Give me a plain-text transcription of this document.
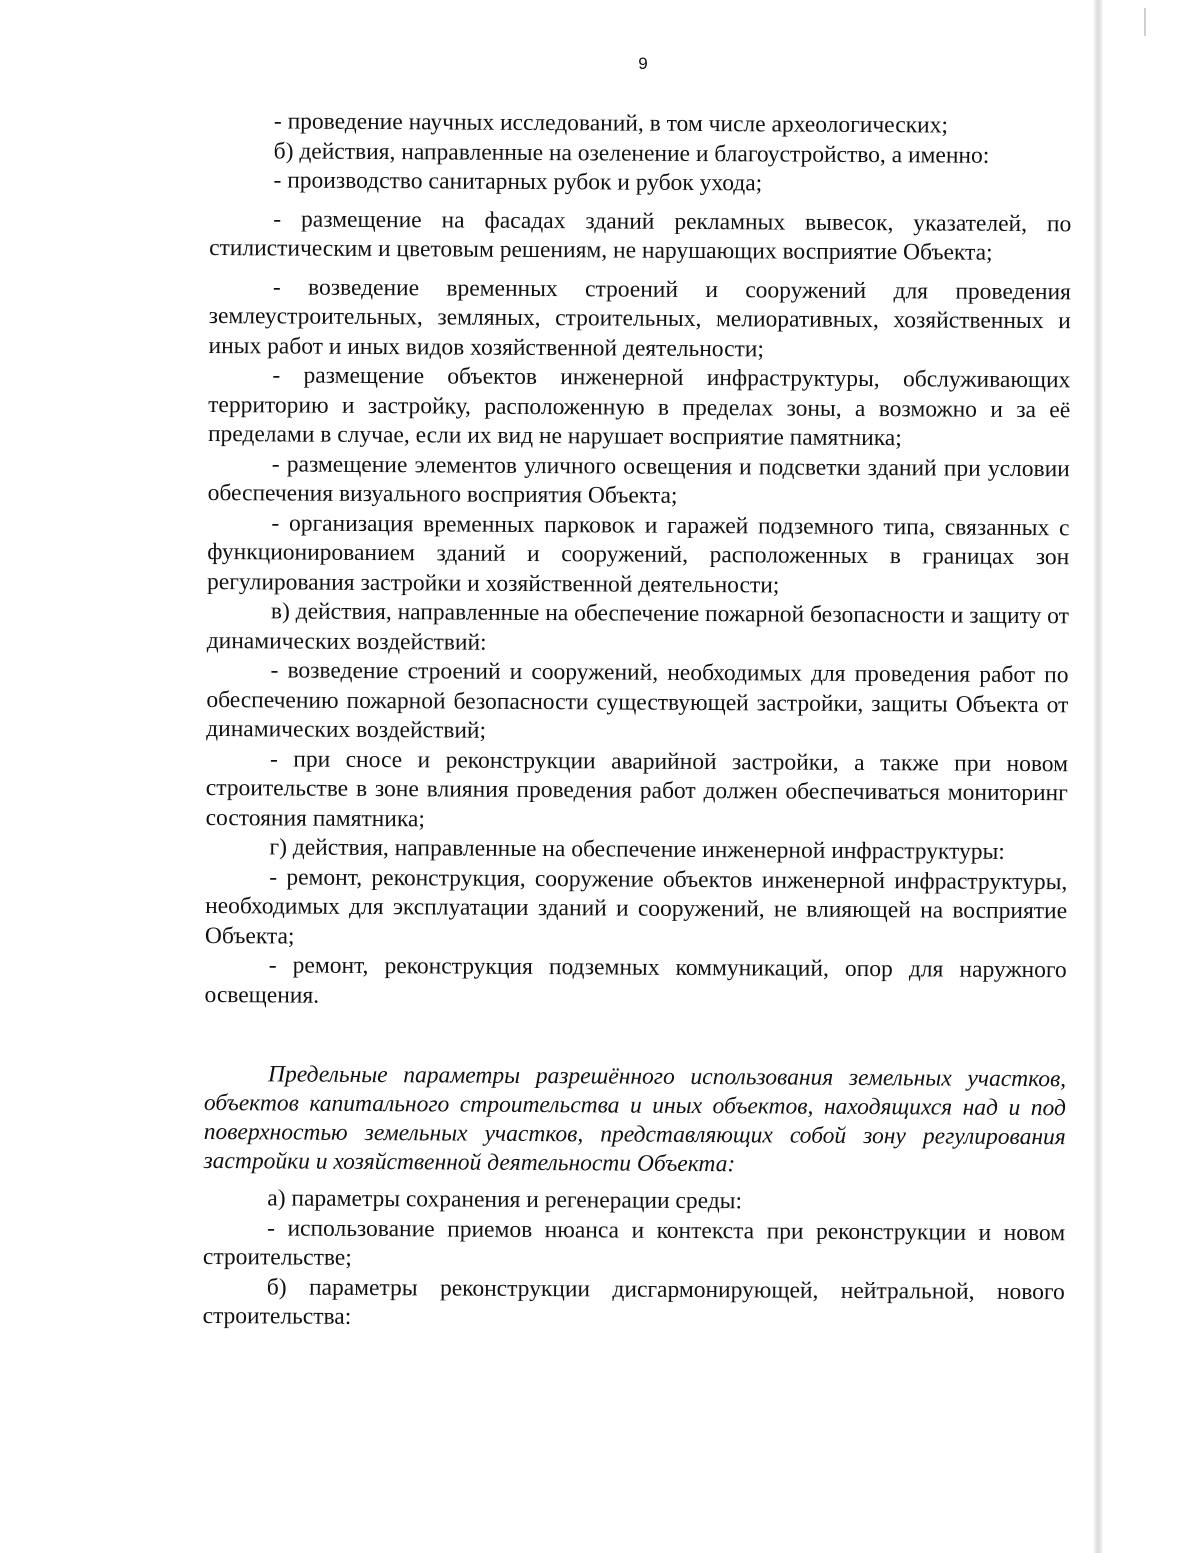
9

- проведение научных исследований, в том числе археологических;

б) действия, направленные на озеленение и благоустройство, а именно:

- производство санитарных рубок и рубок ухода;

- размещение на фасадах зданий рекламных вывесок, указателей, по стилистическим и цветовым решениям, не нарушающих восприятие Объекта;

- возведение временных строений и сооружений для проведения землеустроительных, земляных, строительных, мелиоративных, хозяйственных и иных работ и иных видов хозяйственной деятельности;

- размещение объектов инженерной инфраструктуры, обслуживающих территорию и застройку, расположенную в пределах зоны, а возможно и за её пределами в случае, если их вид не нарушает восприятие памятника;

- размещение элементов уличного освещения и подсветки зданий при условии обеспечения визуального восприятия Объекта;

- организация временных парковок и гаражей подземного типа, связанных с функционированием зданий и сооружений, расположенных в границах зон регулирования застройки и хозяйственной деятельности;

в) действия, направленные на обеспечение пожарной безопасности и защиту от динамических воздействий:

- возведение строений и сооружений, необходимых для проведения работ по обеспечению пожарной безопасности существующей застройки, защиты Объекта от динамических воздействий;

- при сносе и реконструкции аварийной застройки, а также при новом строительстве в зоне влияния проведения работ должен обеспечиваться мониторинг состояния памятника;

г) действия, направленные на обеспечение инженерной инфраструктуры:

- ремонт, реконструкция, сооружение объектов инженерной инфраструктуры, необходимых для эксплуатации зданий и сооружений, не влияющей на восприятие Объекта;

- ремонт, реконструкция подземных коммуникаций, опор для наружного освещения.

Предельные параметры разрешённого использования земельных участков, объектов капитального строительства и иных объектов, находящихся над и под поверхностью земельных участков, представляющих собой зону регулирования застройки и хозяйственной деятельности Объекта:

а) параметры сохранения и регенерации среды:

- использование приемов нюанса и контекста при реконструкции и новом строительстве;

б) параметры реконструкции дисгармонирующей, нейтральной, нового строительства:
